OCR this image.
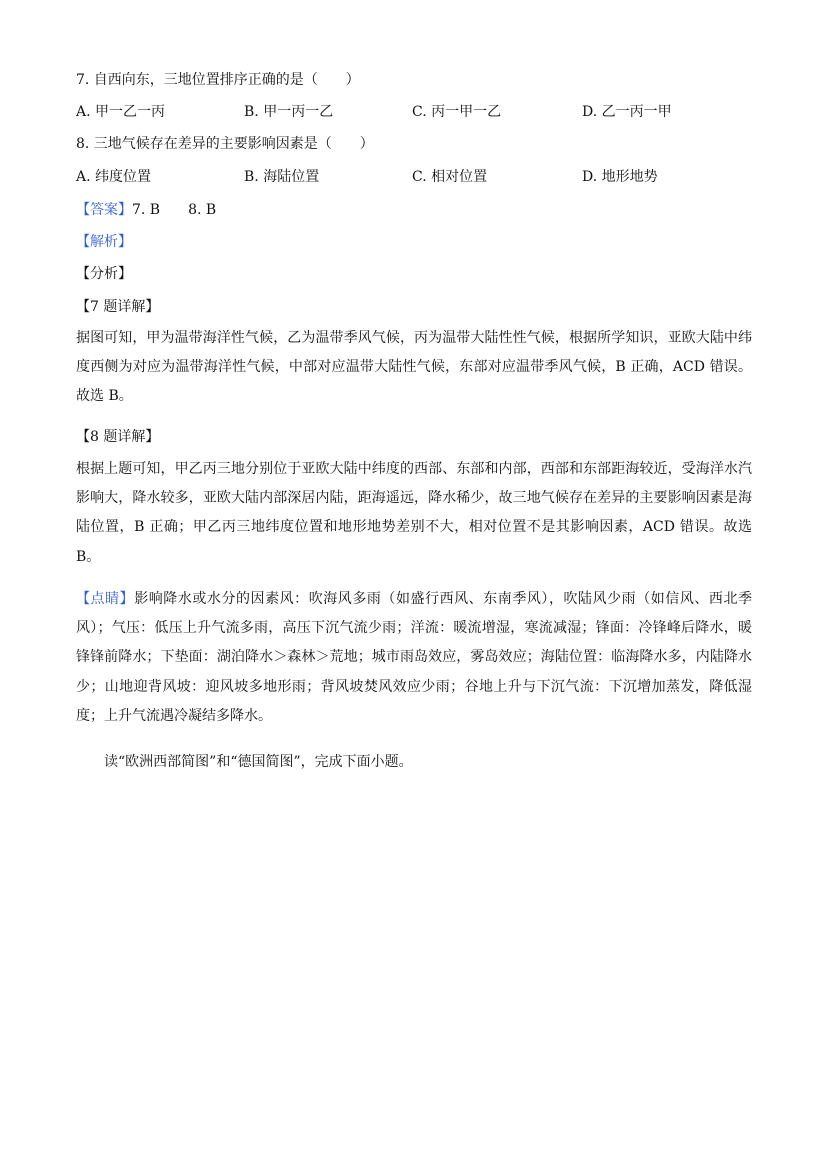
7. 自西向东，三地位置排序正确的是（　　）
A. 甲一乙一丙	B. 甲一丙一乙	C. 丙一甲一乙	D. 乙一丙一甲
8. 三地气候存在差异的主要影响因素是（　　）
A. 纬度位置	B. 海陆位置	C. 相对位置	D. 地形地势
【答案】7. B　　8. B
【解析】
【分析】
【7 题详解】
据图可知，甲为温带海洋性气候，乙为温带季风气候，丙为温带大陆性性气候，根据所学知识，亚欧大陆中纬度西侧为对应为温带海洋性气候，中部对应温带大陆性气候，东部对应温带季风气候，B 正确，ACD 错误。故选 B。
【8 题详解】
根据上题可知，甲乙丙三地分别位于亚欧大陆中纬度的西部、东部和内部，西部和东部距海较近，受海洋水汽影响大，降水较多，亚欧大陆内部深居内陆，距海遥远，降水稀少，故三地气候存在差异的主要影响因素是海陆位置，B 正确；甲乙丙三地纬度位置和地形地势差别不大，相对位置不是其影响因素，ACD 错误。故选 B。
【点睛】影响降水或水分的因素风：吹海风多雨（如盛行西风、东南季风），吹陆风少雨（如信风、西北季风）；气压：低压上升气流多雨，高压下沉气流少雨；洋流：暖流增湿，寒流减湿；锋面：冷锋峰后降水，暖锋锋前降水；下垫面：湖泊降水＞森林＞荒地；城市雨岛效应，雾岛效应；海陆位置：临海降水多，内陆降水少；山地迎背风坡：迎风坡多地形雨；背风坡焚风效应少雨；谷地上升与下沉气流：下沉增加蒸发，降低湿度；上升气流遇冷凝结多降水。
读“欧洲西部简图”和“德国简图”，完成下面小题。
